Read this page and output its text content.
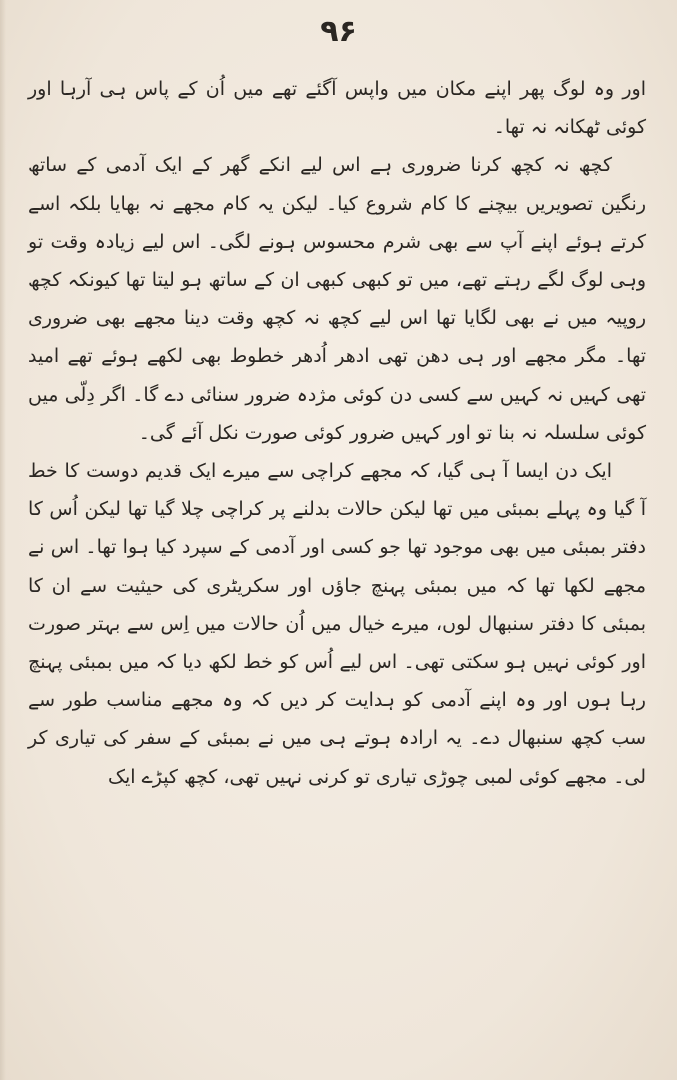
۹۶

اور وہ لوگ پھر اپنے مکان میں واپس آگئے تھے میں اُن کے پاس ہی آرہا اور کوئی ٹھکانہ نہ تھا۔

کچھ نہ کچھ کرنا ضروری ہے اس لیے انکے گھر کے ایک آدمی کے ساتھ رنگین تصویریں بیچنے کا کام شروع کیا۔ لیکن یہ کام مجھے نہ بھایا بلکہ اسے کرتے ہوئے اپنے آپ سے بھی شرم محسوس ہونے لگی۔ اس لیے زیادہ وقت تو وہی لوگ لگے رہتے تھے، میں تو کبھی کبھی ان کے ساتھ ہو لیتا تھا کیونکہ کچھ روپیہ میں نے بھی لگایا تھا اس لیے کچھ نہ کچھ وقت دینا مجھے بھی ضروری تھا۔ مگر مجھے اور ہی دھن تھی ادھر اُدھر خطوط بھی لکھے ہوئے تھے امید تھی کہیں نہ کہیں سے کسی دن کوئی مژدہ ضرور سنائی دے گا۔ اگر دِلّی میں کوئی سلسلہ نہ بنا تو اور کہیں ضرور کوئی صورت نکل آئے گی۔

ایک دن ایسا آ ہی گیا، کہ مجھے کراچی سے میرے ایک قدیم دوست کا خط آ گیا وہ پہلے بمبئی میں تھا لیکن حالات بدلنے پر کراچی چلا گیا تھا لیکن اُس کا دفتر بمبئی میں بھی موجود تھا جو کسی اور آدمی کے سپرد کیا ہوا تھا۔ اس نے مجھے لکھا تھا کہ میں بمبئی پہنچ جاؤں اور سکریٹری کی حیثیت سے ان کا بمبئی کا دفتر سنبھال لوں، میرے خیال میں اُن حالات میں اِس سے بہتر صورت اور کوئی نہیں ہو سکتی تھی۔ اس لیے اُس کو خط لکھ دیا کہ میں بمبئی پہنچ رہا ہوں اور وہ اپنے آدمی کو ہدایت کر دیں کہ وہ مجھے مناسب طور سے سب کچھ سنبھال دے۔ یہ ارادہ ہوتے ہی میں نے بمبئی کے سفر کی تیاری کر لی۔ مجھے کوئی لمبی چوڑی تیاری تو کرنی نہیں تھی، کچھ کپڑے ایک
